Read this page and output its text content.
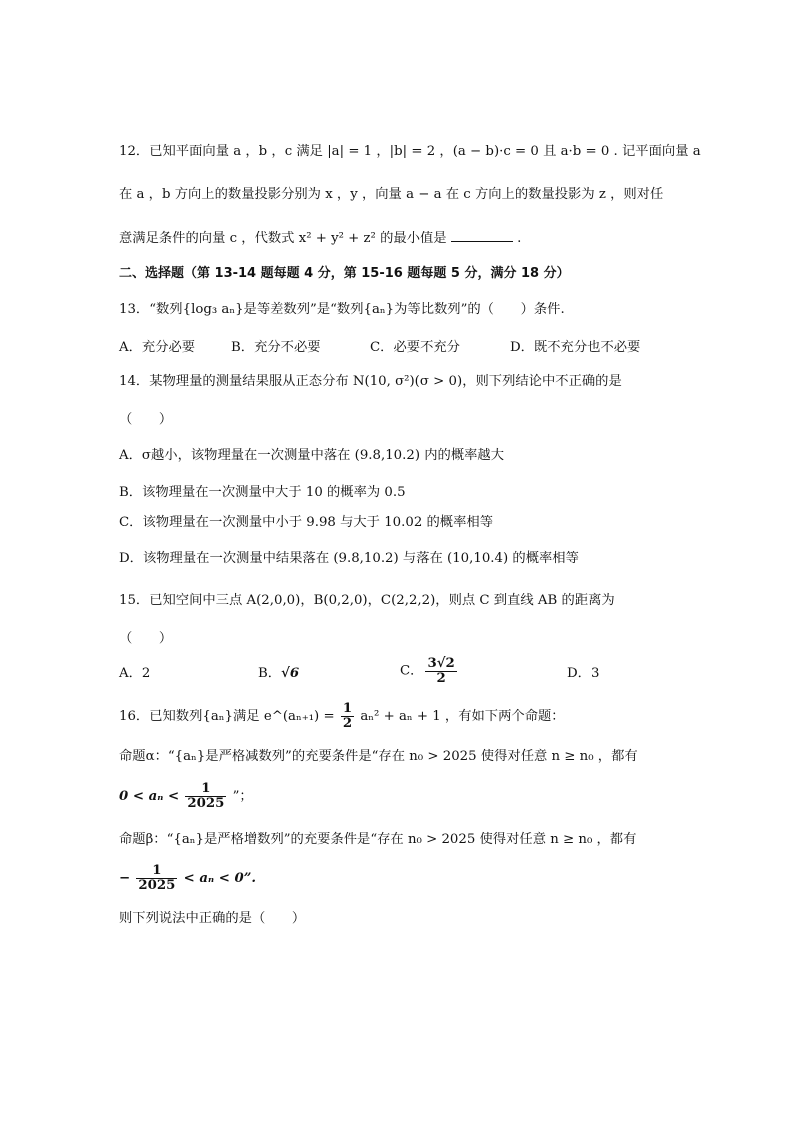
12．已知平面向量 a ，b ，c 满足 |a| = 1 ，|b| = 2 ，(a − b)·c = 0 且 a·b = 0 . 记平面向量 a
在 a ，b 方向上的数量投影分别为 x ，y ，向量 a − a 在 c 方向上的数量投影为 z ，则对任
意满足条件的向量 c ，代数式 x² + y² + z² 的最小值是	.
二、选择题（第 13-14 题每题 4 分，第 15-16 题每题 5 分，满分 18 分）
13．“数列{log₃ aₙ}是等差数列”是“数列{aₙ}为等比数列”的（　　）条件.
A．充分必要	B．充分不必要	C．必要不充分	D．既不充分也不必要
14．某物理量的测量结果服从正态分布 N(10, σ²)(σ > 0)，则下列结论中不正确的是
（　　）
A．σ越小，该物理量在一次测量中落在 (9.8,10.2) 内的概率越大
B．该物理量在一次测量中大于 10 的概率为 0.5
C．该物理量在一次测量中小于 9.98 与大于 10.02 的概率相等
D．该物理量在一次测量中结果落在 (9.8,10.2) 与落在 (10,10.4) 的概率相等
15．已知空间中三点 A(2,0,0)，B(0,2,0)，C(2,2,2)，则点 C 到直线 AB 的距离为
（　　）
A．2	B．√6	C． $\frac{3√2}{2}$	D．3
16．已知数列{aₙ}满足 e^(aₙ₊₁) = $\frac{1}{2} a_n^2 + a_n + 1$ ，有如下两个命题：
命题α：“{aₙ}是严格减数列”的充要条件是“存在 n₀ > 2025 使得对任意 n ≥ n₀ ，都有
$0 < a_n < \frac{1}{2025}$ ”；
命题β：“{aₙ}是严格增数列”的充要条件是“存在 n₀ > 2025 使得对任意 n ≥ n₀ ，都有
− $\frac{1}{2025} < a_n < 0$”.
则下列说法中正确的是（　　）
